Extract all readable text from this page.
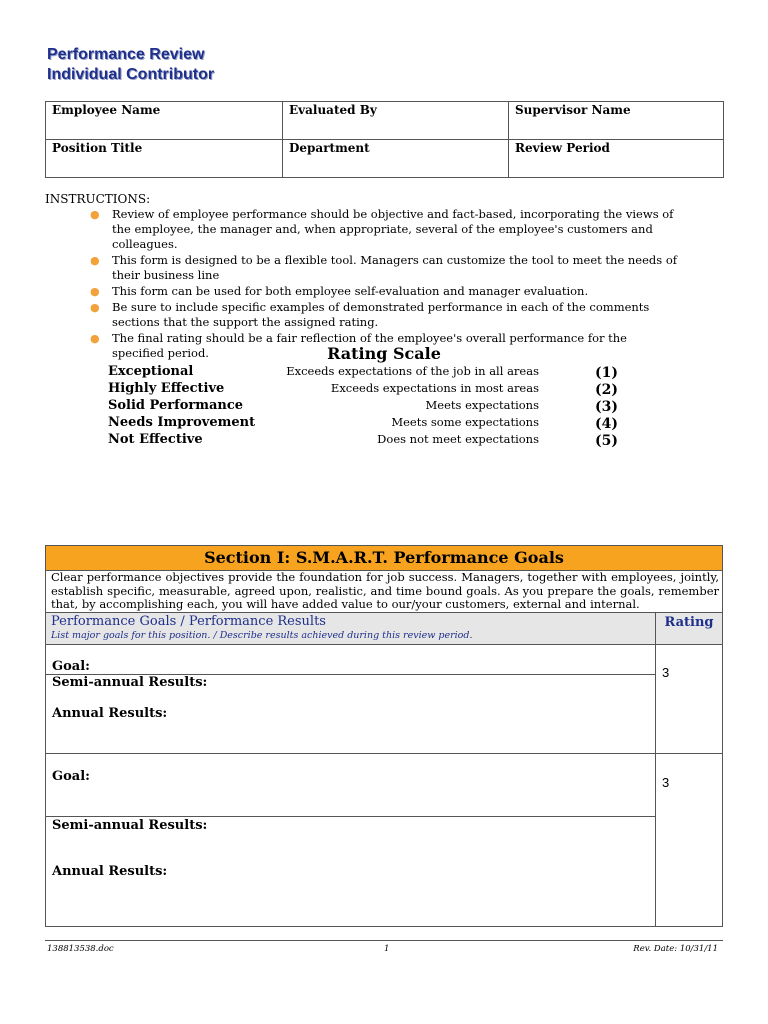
Performance Review
Individual Contributor
Employee Name	Evaluated By	Supervisor Name

Position Title	Department	Review Period
INSTRUCTIONS:
● Review of employee performance should be objective and fact-based, incorporating the views of the employee, the manager and, when appropriate, several of the employee's customers and colleagues.
● This form is designed to be a flexible tool. Managers can customize the tool to meet the needs of their business line
● This form can be used for both employee self-evaluation and manager evaluation.
● Be sure to include specific examples of demonstrated performance in each of the comments sections that the support the assigned rating.
● The final rating should be a fair reflection of the employee's overall performance for the specified period.	Rating Scale
Exceptional	Exceeds expectations of the job in all areas	(1)
Highly Effective	Exceeds expectations in most areas	(2)
Solid Performance	Meets expectations	(3)
Needs Improvement	Meets some expectations	(4)
Not Effective	Does not meet expectations	(5)
Section I: S.M.A.R.T. Performance Goals
Clear performance objectives provide the foundation for job success. Managers, together with employees, jointly, establish specific, measurable, agreed upon, realistic, and time bound goals. As you prepare the goals, remember that, by accomplishing each, you will have added value to our/your customers, external and internal.
Performance Goals / Performance Results
List major goals for this position. / Describe results achieved during this review period.
Rating
Goal:
Semi-annual Results:
Annual Results:
3
Goal:
Semi-annual Results:
Annual Results:
3
138813538.doc	1	Rev. Date: 10/31/11
